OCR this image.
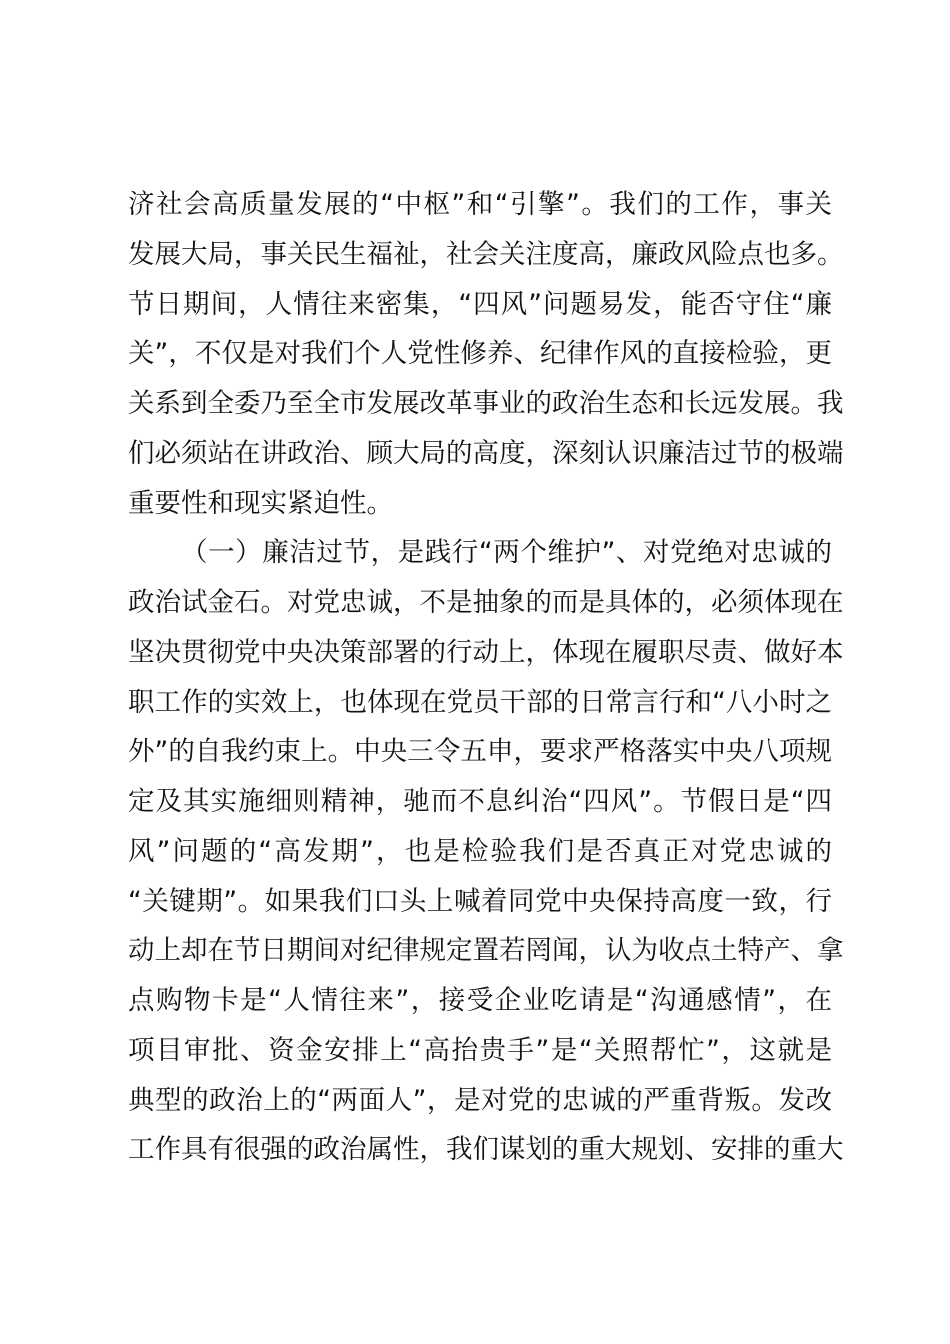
济社会高质量发展的“中枢”和“引擎”。我们的工作，事关
发展大局，事关民生福祉，社会关注度高，廉政风险点也多。
节日期间，人情往来密集，“四风”问题易发，能否守住“廉
关”，不仅是对我们个人党性修养、纪律作风的直接检验，更
关系到全委乃至全市发展改革事业的政治生态和长远发展。我
们必须站在讲政治、顾大局的高度，深刻认识廉洁过节的极端
重要性和现实紧迫性。
（一）廉洁过节，是践行“两个维护”、对党绝对忠诚的
政治试金石。对党忠诚，不是抽象的而是具体的，必须体现在
坚决贯彻党中央决策部署的行动上，体现在履职尽责、做好本
职工作的实效上，也体现在党员干部的日常言行和“八小时之
外”的自我约束上。中央三令五申，要求严格落实中央八项规
定及其实施细则精神，驰而不息纠治“四风”。节假日是“四
风”问题的“高发期”，也是检验我们是否真正对党忠诚的
“关键期”。如果我们口头上喊着同党中央保持高度一致，行
动上却在节日期间对纪律规定置若罔闻，认为收点土特产、拿
点购物卡是“人情往来”，接受企业吃请是“沟通感情”，在
项目审批、资金安排上“高抬贵手”是“关照帮忙”，这就是
典型的政治上的“两面人”，是对党的忠诚的严重背叛。发改
工作具有很强的政治属性，我们谋划的重大规划、安排的重大
